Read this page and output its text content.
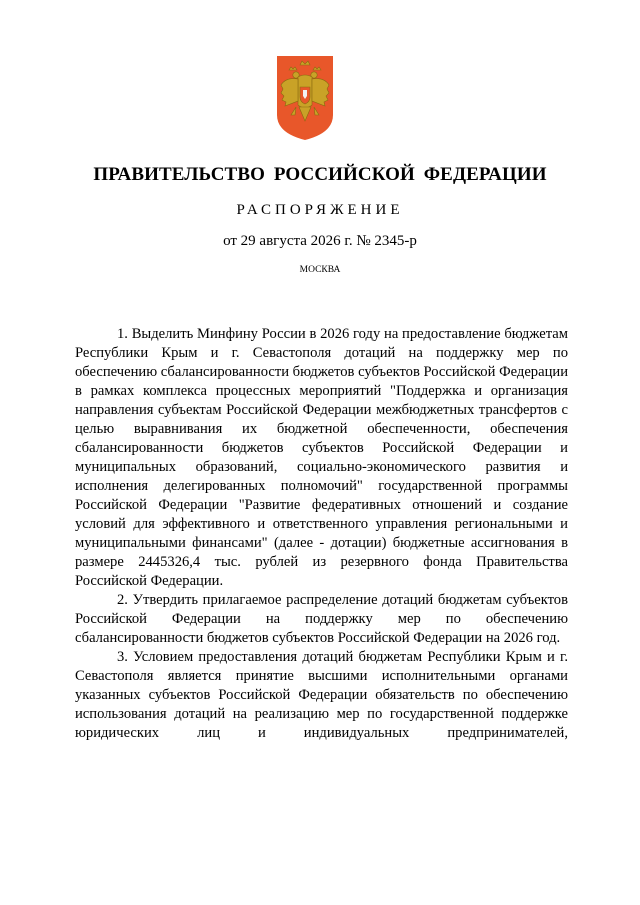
ПРАВИТЕЛЬСТВО РОССИЙСКОЙ ФЕДЕРАЦИИ
РАСПОРЯЖЕНИЕ
от 29 августа 2026 г. № 2345-р
МОСКВА

1. Выделить Минфину России в 2026 году на предоставление бюджетам Республики Крым и г. Севастополя дотаций на поддержку мер по обеспечению сбалансированности бюджетов субъектов Российской Федерации в рамках комплекса процессных мероприятий "Поддержка и организация направления субъектам Российской Федерации межбюджетных трансфертов с целью выравнивания их бюджетной обеспеченности, обеспечения сбалансированности бюджетов субъектов Российской Федерации и муниципальных образований, социально-экономического развития и исполнения делегированных полномочий" государственной программы Российской Федерации "Развитие федеративных отношений и создание условий для эффективного и ответственного управления региональными и муниципальными финансами" (далее - дотации) бюджетные ассигнования в размере 2445326,4 тыс. рублей из резервного фонда Правительства Российской Федерации.

2. Утвердить прилагаемое распределение дотаций бюджетам субъектов Российской Федерации на поддержку мер по обеспечению сбалансированности бюджетов субъектов Российской Федерации на 2026 год.

3. Условием предоставления дотаций бюджетам Республики Крым и г. Севастополя является принятие высшими исполнительными органами указанных субъектов Российской Федерации обязательств по обеспечению использования дотаций на реализацию мер по государственной поддержке юридических лиц и индивидуальных предпринимателей,
